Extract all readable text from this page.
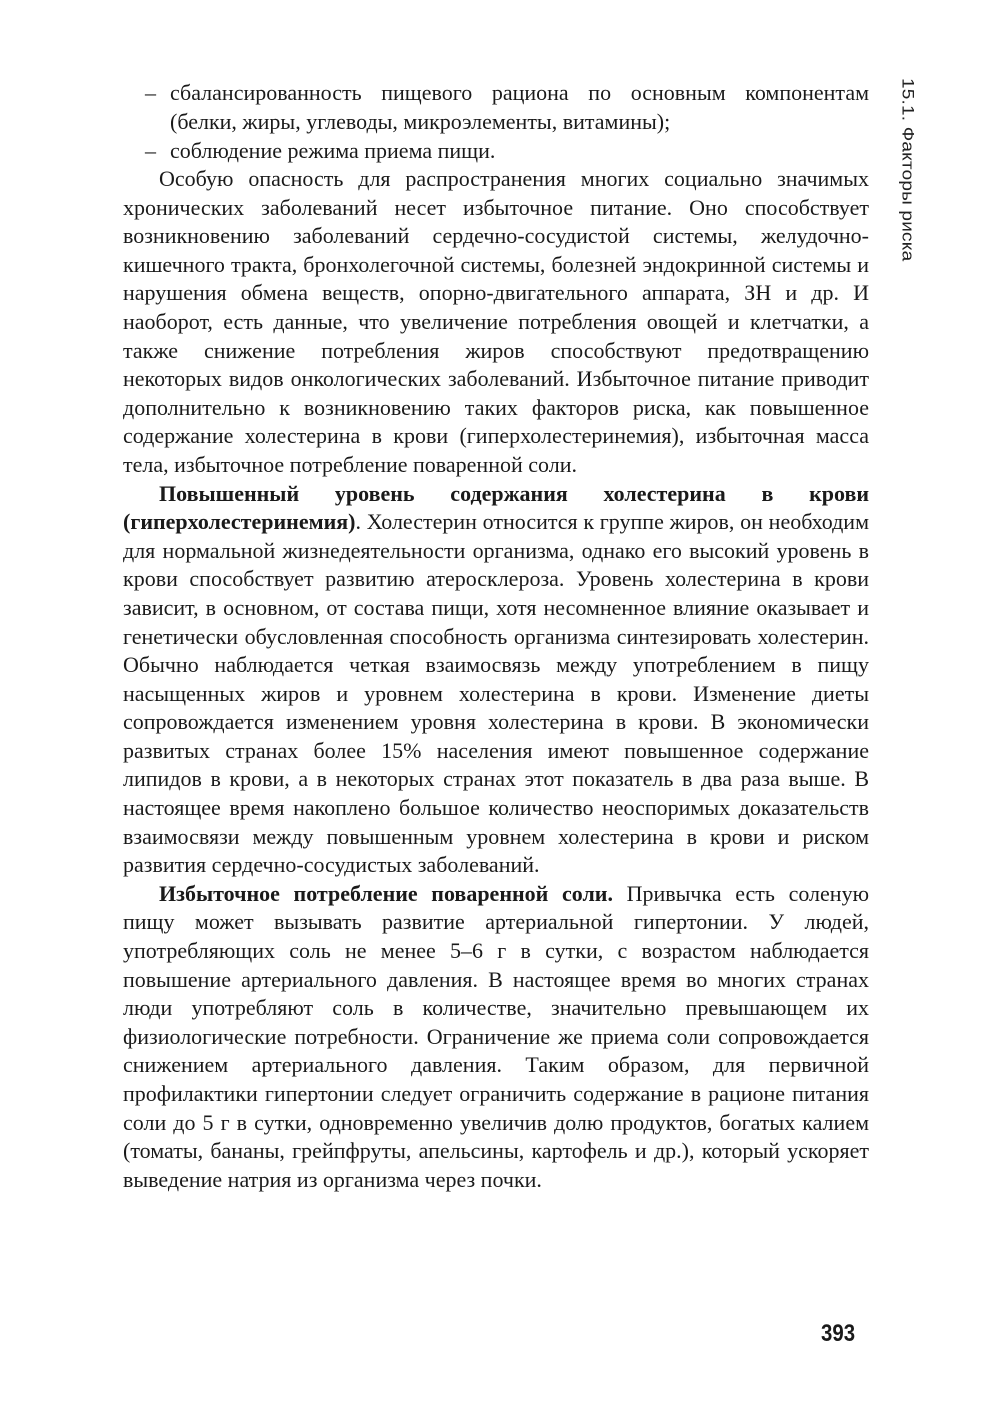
15.1. Факторы риска

– сбалансированность пищевого рациона по основным компонентам (белки, жиры, углеводы, микроэлементы, витамины);

– соблюдение режима приема пищи.

Особую опасность для распространения многих социально значимых хронических заболеваний несет избыточное питание. Оно способствует возникновению заболеваний сердечно-сосудистой системы, желудочно-кишечного тракта, бронхолегочной системы, болезней эндокринной системы и нарушения обмена веществ, опорно-двигательного аппарата, ЗН и др. И наоборот, есть данные, что увеличение потребления овощей и клетчатки, а также снижение потребления жиров способствуют предотвращению некоторых видов онкологических заболеваний. Избыточное питание приводит дополнительно к возникновению таких факторов риска, как повышенное содержание холестерина в крови (гиперхолестеринемия), избыточная масса тела, избыточное потребление поваренной соли.

Повышенный уровень содержания холестерина в крови (гиперхолестеринемия). Холестерин относится к группе жиров, он необходим для нормальной жизнедеятельности организма, однако его высокий уровень в крови способствует развитию атеросклероза. Уровень холестерина в крови зависит, в основном, от состава пищи, хотя несомненное влияние оказывает и генетически обусловленная способность организма синтезировать холестерин. Обычно наблюдается четкая взаимосвязь между употреблением в пищу насыщенных жиров и уровнем холестерина в крови. Изменение диеты сопровождается изменением уровня холестерина в крови. В экономически развитых странах более 15% населения имеют повышенное содержание липидов в крови, а в некоторых странах этот показатель в два раза выше. В настоящее время накоплено большое количество неоспоримых доказательств взаимосвязи между повышенным уровнем холестерина в крови и риском развития сердечно-сосудистых заболеваний.

Избыточное потребление поваренной соли. Привычка есть соленую пищу может вызывать развитие артериальной гипертонии. У людей, употребляющих соль не менее 5–6 г в сутки, с возрастом наблюдается повышение артериального давления. В настоящее время во многих странах люди употребляют соль в количестве, значительно превышающем их физиологические потребности. Ограничение же приема соли сопровождается снижением артериального давления. Таким образом, для первичной профилактики гипертонии следует ограничить содержание в рационе питания соли до 5 г в сутки, одновременно увеличив долю продуктов, богатых калием (томаты, бананы, грейпфруты, апельсины, картофель и др.), который ускоряет выведение натрия из организма через почки.

393
